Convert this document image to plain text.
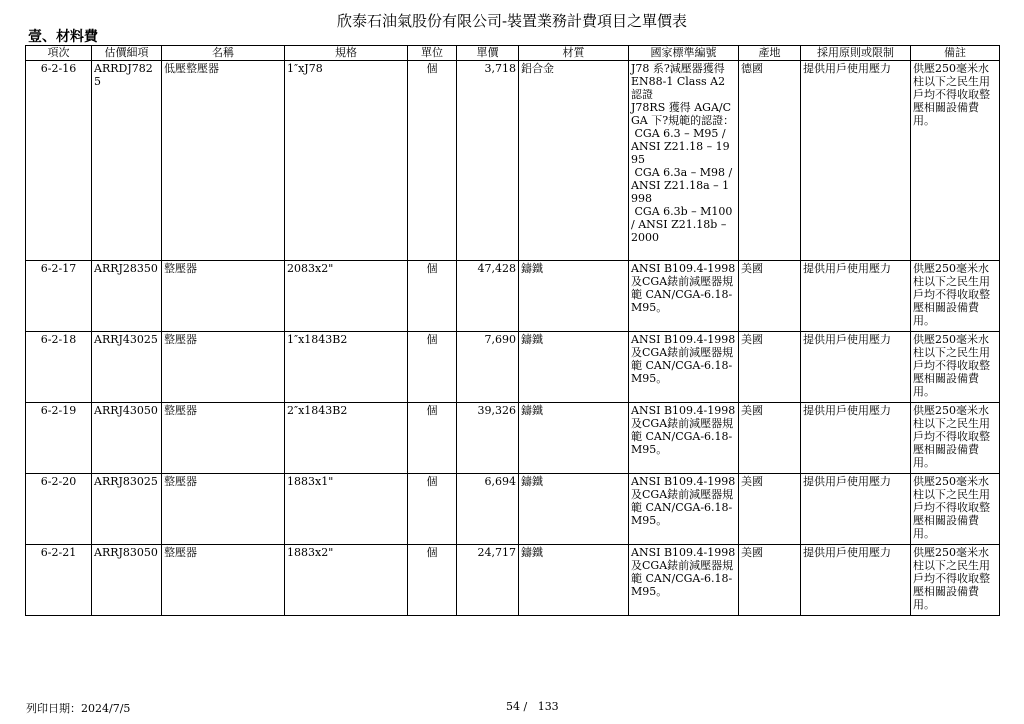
欣泰石油氣股份有限公司-裝置業務計費項目之單價表
壹、材料費
項次	估價細項	名稱	規格	單位	單價	材質	國家標準編號	產地	採用原則或限制	備註
6-2-16	ARRDJ7825	低壓整壓器	1″xJ78	個	3,718	鋁合金	J78 系?減壓器獲得 EN88-1 Class A2 認證
J78RS 獲得 AGA/CGA 下?規範的認證：
CGA 6.3 – M95 / ANSI Z21.18 – 1995
CGA 6.3a – M98 / ANSI Z21.18a – 1998
CGA 6.3b – M100 / ANSI Z21.18b – 2000	德國	提供用戶使用壓力	供壓250毫米水柱以下之民生用戶均不得收取整壓相關設備費用。
6-2-17	ARRJ28350	整壓器	2083x2"	個	47,428	鑄鐵	ANSI B109.4-1998及CGA錶前減壓器規範 CAN/CGA-6.18-M95。	美國	提供用戶使用壓力	供壓250毫米水柱以下之民生用戶均不得收取整壓相關設備費用。
6-2-18	ARRJ43025	整壓器	1″x1843B2	個	7,690	鑄鐵	ANSI B109.4-1998及CGA錶前減壓器規範 CAN/CGA-6.18-M95。	美國	提供用戶使用壓力	供壓250毫米水柱以下之民生用戶均不得收取整壓相關設備費用。
6-2-19	ARRJ43050	整壓器	2″x1843B2	個	39,326	鑄鐵	ANSI B109.4-1998及CGA錶前減壓器規範 CAN/CGA-6.18-M95。	美國	提供用戶使用壓力	供壓250毫米水柱以下之民生用戶均不得收取整壓相關設備費用。
6-2-20	ARRJ83025	整壓器	1883x1"	個	6,694	鑄鐵	ANSI B109.4-1998及CGA錶前減壓器規範 CAN/CGA-6.18-M95。	美國	提供用戶使用壓力	供壓250毫米水柱以下之民生用戶均不得收取整壓相關設備費用。
6-2-21	ARRJ83050	整壓器	1883x2"	個	24,717	鑄鐵	ANSI B109.4-1998及CGA錶前減壓器規範 CAN/CGA-6.18-M95。	美國	提供用戶使用壓力	供壓250毫米水柱以下之民生用戶均不得收取整壓相關設備費用。
列印日期：2024/7/5	54 /   133
